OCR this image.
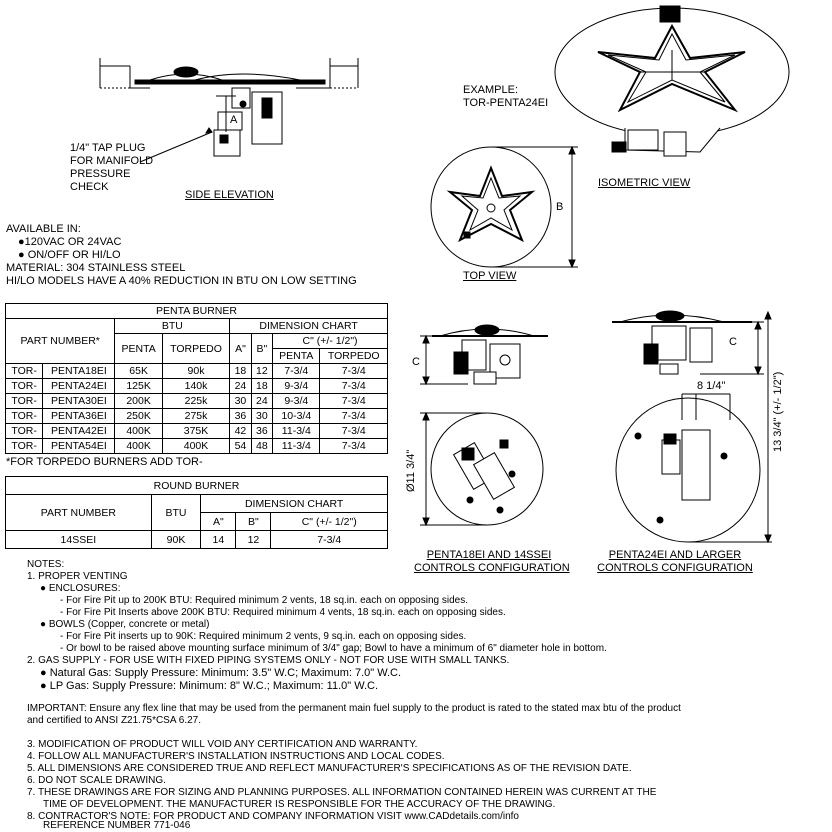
1/4" TAP PLUG
FOR MANIFOLD
PRESSURE
CHECK
A
SIDE ELEVATION
EXAMPLE:
TOR-PENTA24EI
ISOMETRIC VIEW
B
TOP VIEW
AVAILABLE IN:
●120VAC OR 24VAC
● ON/OFF OR HI/LO
MATERIAL: 304 STAINLESS STEEL
HI/LO MODELS HAVE A 40% REDUCTION IN BTU ON LOW SETTING
PENTA BURNER							
PART NUMBER*		BTU		DIMENSION CHART			
		PENTA	TORPEDO	A"	B"	C" (+/- 1/2")	
						PENTA	TORPEDO
TOR-	PENTA18EI	65K	90k	18	12	7-3/4	7-3/4
TOR-	PENTA24EI	125K	140k	24	18	9-3/4	7-3/4
TOR-	PENTA30EI	200K	225k	30	24	9-3/4	7-3/4
TOR-	PENTA36EI	250K	275k	36	30	10-3/4	7-3/4
TOR-	PENTA42EI	400K	375K	42	36	11-3/4	7-3/4
TOR-	PENTA54EI	400K	400K	54	48	11-3/4	7-3/4
*FOR TORPEDO BURNERS ADD TOR-
ROUND BURNER				
PART NUMBER	BTU	DIMENSION CHART		
		A"	B"	C" (+/- 1/2")
14SSEI	90K	14	12	7-3/4
C
Ø11 3/4"
PENTA18EI AND 14SSEI
CONTROLS CONFIGURATION
C
8 1/4"	13 3/4" (+/- 1/2")
PENTA24EI AND LARGER
CONTROLS CONFIGURATION
NOTES:
1. PROPER VENTING
● ENCLOSURES:
- For Fire Pit up to 200K BTU: Required minimum 2 vents, 18 sq.in. each on opposing sides.
- For Fire Pit Inserts above 200K BTU: Required minimum 4 vents, 18 sq.in. each on opposing sides.
● BOWLS (Copper, concrete or metal)
- For Fire Pit inserts up to 90K: Required minimum 2 vents, 9 sq.in. each on opposing sides.
- Or bowl to be raised above mounting surface minimum of 3/4" gap; Bowl to have a minimum of 6" diameter hole in bottom.
2. GAS SUPPLY - FOR USE WITH FIXED PIPING SYSTEMS ONLY - NOT FOR USE WITH SMALL TANKS.
● Natural Gas: Supply Pressure: Minimum: 3.5" W.C; Maximum: 7.0" W.C.
● LP Gas: Supply Pressure: Minimum: 8" W.C.; Maximum: 11.0" W.C.
IMPORTANT: Ensure any flex line that may be used from the permanent main fuel supply to the product is rated to the stated max btu of the product
and certified to ANSI Z21.75*CSA 6.27.
3. MODIFICATION OF PRODUCT WILL VOID ANY CERTIFICATION AND WARRANTY.
4. FOLLOW ALL MANUFACTURER'S INSTALLATION INSTRUCTIONS AND LOCAL CODES.
5. ALL DIMENSIONS ARE CONSIDERED TRUE AND REFLECT MANUFACTURER'S SPECIFICATIONS AS OF THE REVISION DATE.
6. DO NOT SCALE DRAWING.
7. THESE DRAWINGS ARE FOR SIZING AND PLANNING PURPOSES. ALL INFORMATION CONTAINED HEREIN WAS CURRENT AT THE
TIME OF DEVELOPMENT. THE MANUFACTURER IS RESPONSIBLE FOR THE ACCURACY OF THE DRAWING.
8. CONTRACTOR'S NOTE: FOR PRODUCT AND COMPANY INFORMATION VISIT www.CADdetails.com/info
REFERENCE NUMBER 771-046
